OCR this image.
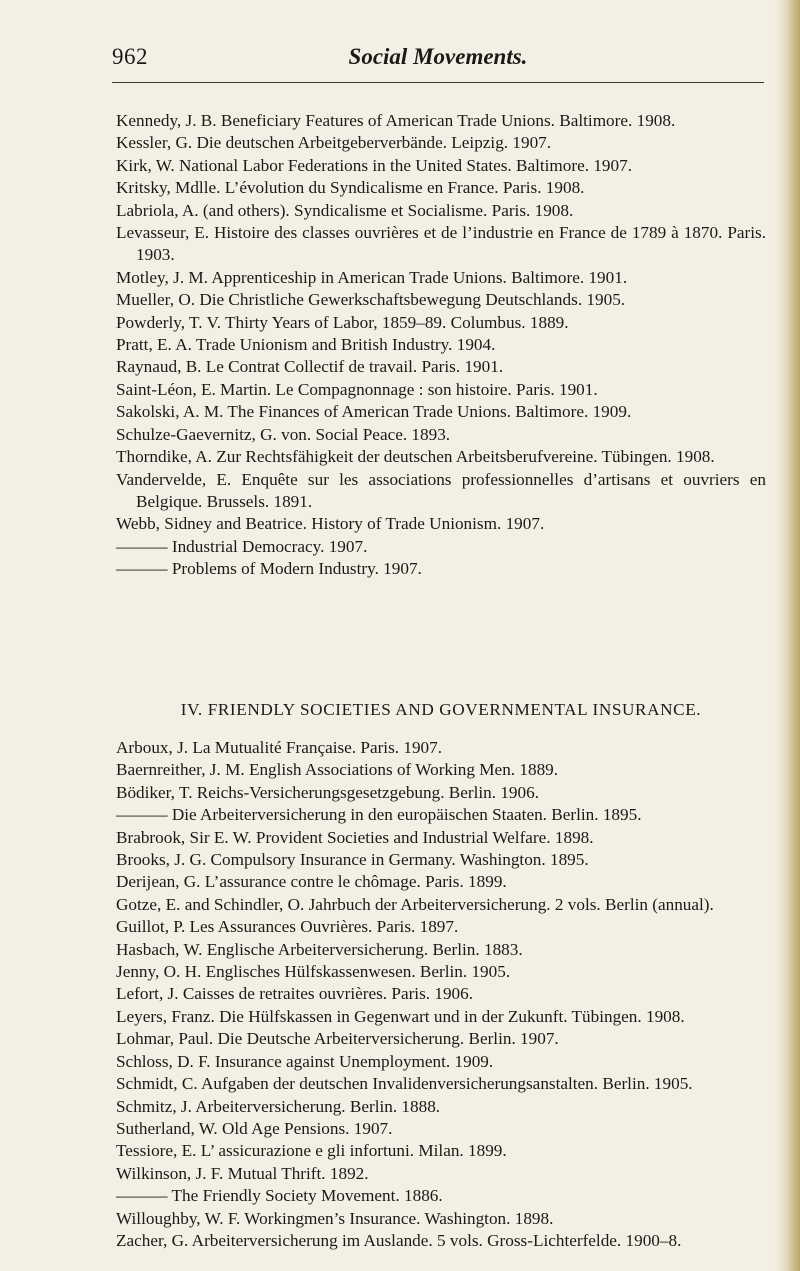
962	Social Movements.
Kennedy, J. B. Beneficiary Features of American Trade Unions. Baltimore. 1908.
Kessler, G. Die deutschen Arbeitgeberverbände. Leipzig. 1907.
Kirk, W. National Labor Federations in the United States. Baltimore. 1907.
Kritsky, Mdlle. L’évolution du Syndicalisme en France. Paris. 1908.
Labriola, A. (and others). Syndicalisme et Socialisme. Paris. 1908.
Levasseur, E. Histoire des classes ouvrières et de l’industrie en France de 1789 à 1870. Paris. 1903.
Motley, J. M. Apprenticeship in American Trade Unions. Baltimore. 1901.
Mueller, O. Die Christliche Gewerkschaftsbewegung Deutschlands. 1905.
Powderly, T. V. Thirty Years of Labor, 1859–89. Columbus. 1889.
Pratt, E. A. Trade Unionism and British Industry. 1904.
Raynaud, B. Le Contrat Collectif de travail. Paris. 1901.
Saint-Léon, E. Martin. Le Compagnonnage : son histoire. Paris. 1901.
Sakolski, A. M. The Finances of American Trade Unions. Baltimore. 1909.
Schulze-Gaevernitz, G. von. Social Peace. 1893.
Thorndike, A. Zur Rechtsfähigkeit der deutschen Arbeitsberufvereine. Tübingen. 1908.
Vandervelde, E. Enquête sur les associations professionnelles d’artisans et ouvriers en Belgique. Brussels. 1891.
Webb, Sidney and Beatrice. History of Trade Unionism. 1907.
——— Industrial Democracy. 1907.
——— Problems of Modern Industry. 1907.
IV. FRIENDLY SOCIETIES AND GOVERNMENTAL INSURANCE.
Arboux, J. La Mutualité Française. Paris. 1907.
Baernreither, J. M. English Associations of Working Men. 1889.
Bödiker, T. Reichs-Versicherungsgesetzgebung. Berlin. 1906.
——— Die Arbeiterversicherung in den europäischen Staaten. Berlin. 1895.
Brabrook, Sir E. W. Provident Societies and Industrial Welfare. 1898.
Brooks, J. G. Compulsory Insurance in Germany. Washington. 1895.
Derijean, G. L’assurance contre le chômage. Paris. 1899.
Gotze, E. and Schindler, O. Jahrbuch der Arbeiterversicherung. 2 vols. Berlin (annual).
Guillot, P. Les Assurances Ouvrières. Paris. 1897.
Hasbach, W. Englische Arbeiterversicherung. Berlin. 1883.
Jenny, O. H. Englisches Hülfskassenwesen. Berlin. 1905.
Lefort, J. Caisses de retraites ouvrières. Paris. 1906.
Leyers, Franz. Die Hülfskassen in Gegenwart und in der Zukunft. Tübingen. 1908.
Lohmar, Paul. Die Deutsche Arbeiterversicherung. Berlin. 1907.
Schloss, D. F. Insurance against Unemployment. 1909.
Schmidt, C. Aufgaben der deutschen Invalidenversicherungsanstalten. Berlin. 1905.
Schmitz, J. Arbeiterversicherung. Berlin. 1888.
Sutherland, W. Old Age Pensions. 1907.
Tessiore, E. L’ assicurazione e gli infortuni. Milan. 1899.
Wilkinson, J. F. Mutual Thrift. 1892.
——— The Friendly Society Movement. 1886.
Willoughby, W. F. Workingmen’s Insurance. Washington. 1898.
Zacher, G. Arbeiterversicherung im Auslande. 5 vols. Gross-Lichterfelde. 1900–8.
